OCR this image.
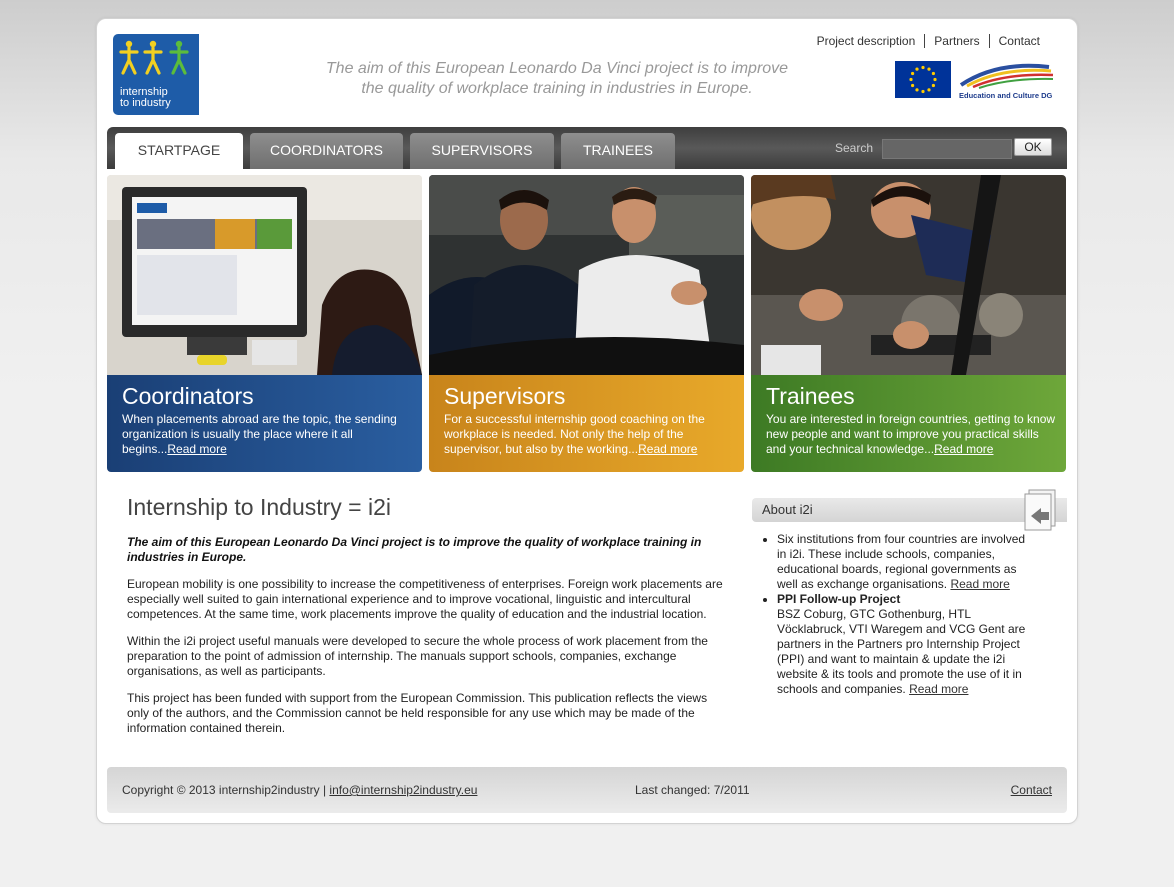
internship
to industry
The aim of this European Leonardo Da Vinci project is to improve
the quality of workplace training in industries in Europe.
Project description Partners Contact
Education and Culture DG
STARTPAGE	COORDINATORS	SUPERVISORS	TRAINEES	Search	OK
Coordinators

When placements abroad are the topic, the sending organization is usually the place where it all begins...Read more

Supervisors

For a successful internship good coaching on the workplace is needed. Not only the help of the supervisor, but also by the working...Read more

Trainees

You are interested in foreign countries, getting to know new people and want to improve you practical skills and your technical knowledge...Read more

Internship to Industry = i2i

The aim of this European Leonardo Da Vinci project is to improve the quality of workplace training in industries in Europe.

European mobility is one possibility to increase the competitiveness of enterprises. Foreign work placements are especially well suited to gain international experience and to improve vocational, linguistic and intercultural competences. At the same time, work placements improve the quality of education and the industrial location.

Within the i2i project useful manuals were developed to secure the whole process of work placement from the preparation to the point of admission of internship. The manuals support schools, companies, exchange organisations, as well as participants.

This project has been funded with support from the European Commission. This publication reflects the views only of the authors, and the Commission cannot be held responsible for any use which may be made of the information contained therein.

About i2i
• Six institutions from four countries are involved in i2i. These include schools, companies, educational boards, regional governments as well as exchange organisations. Read more
• PPI Follow-up Project
BSZ Coburg, GTC Gothenburg, HTL Vöcklabruck, VTI Waregem and VCG Gent are partners in the Partners pro Internship Project (PPI) and want to maintain & update the i2i website & its tools and promote the use of it in schools and companies. Read more
Copyright © 2013 internship2industry | info@internship2industry.eu	Last changed: 7/2011	Contact
